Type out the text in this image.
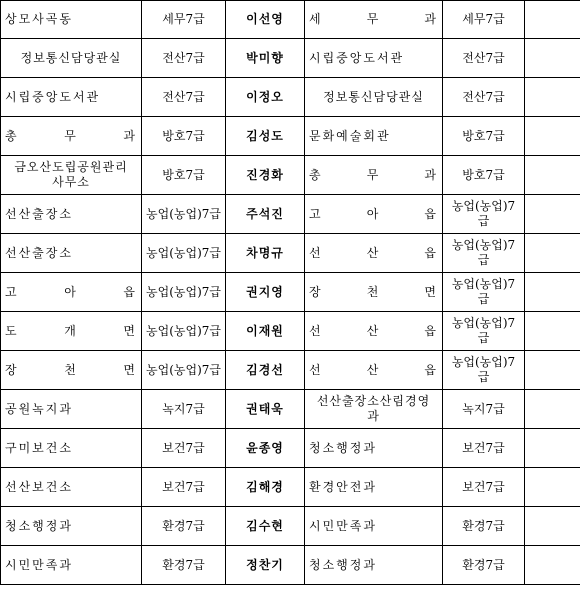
상모사곡동	세무7급	이선영	세 무 과	세무7급	
정보통신담당관실	전산7급	박미향	시립중앙도서관	전산7급	
시립중앙도서관	전산7급	이정오	정보통신담당관실	전산7급	
총 무 과	방호7급	김성도	문화예술회관	방호7급	
금오산도립공원관리사무소	방호7급	진경화	총 무 과	방호7급	
선산출장소	농업(농업)7급	주석진	고 아 읍	농업(농업)7급	
선산출장소	농업(농업)7급	차명규	선 산 읍	농업(농업)7급	
고 아 읍	농업(농업)7급	권지영	장 천 면	농업(농업)7급	
도 개 면	농업(농업)7급	이재원	선 산 읍	농업(농업)7급	
장 천 면	농업(농업)7급	김경선	선 산 읍	농업(농업)7급	
공원녹지과	녹지7급	권태욱	선산출장소산림경영과	녹지7급	
구미보건소	보건7급	윤종영	청소행정과	보건7급	
선산보건소	보건7급	김해경	환경안전과	보건7급	
청소행정과	환경7급	김수현	시민만족과	환경7급	
시민만족과	환경7급	정찬기	청소행정과	환경7급	
